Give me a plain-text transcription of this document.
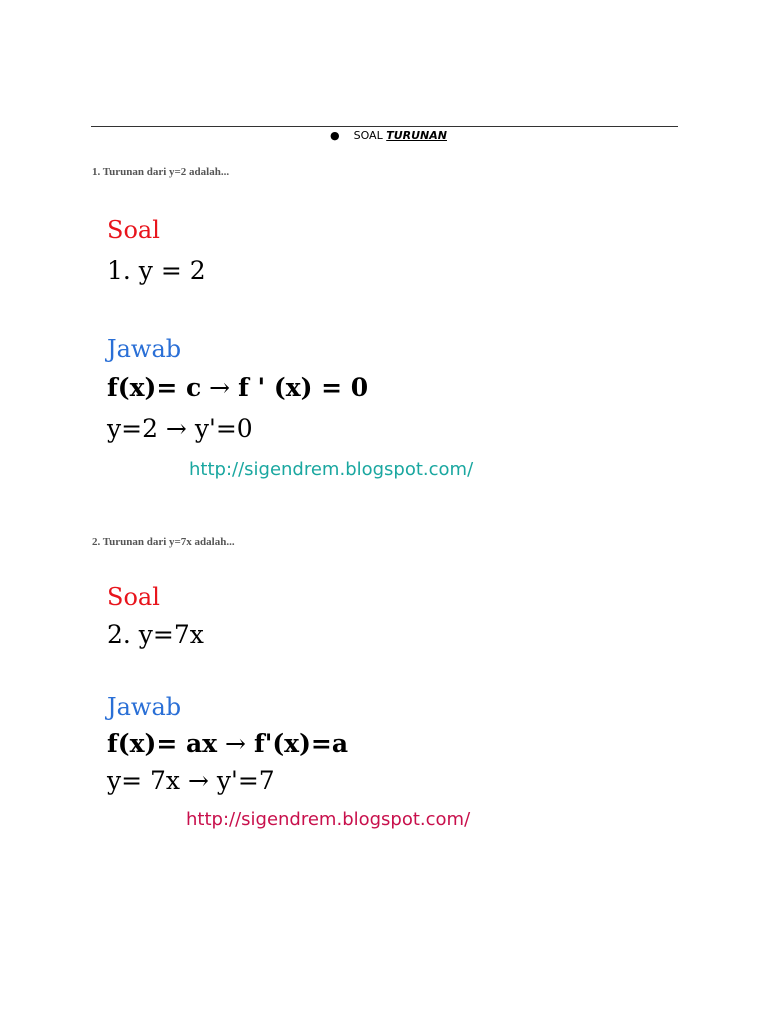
● SOAL TURUNAN
1. Turunan dari y=2 adalah...
Soal
1. y = 2
Jawab
f(x)= c → f ' (x) = 0
y=2 → y'=0
http://sigendrem.blogspot.com/
2. Turunan dari y=7x adalah...
Soal
2. y=7x
Jawab
f(x)= ax → f'(x)=a
y= 7x → y'=7
http://sigendrem.blogspot.com/
